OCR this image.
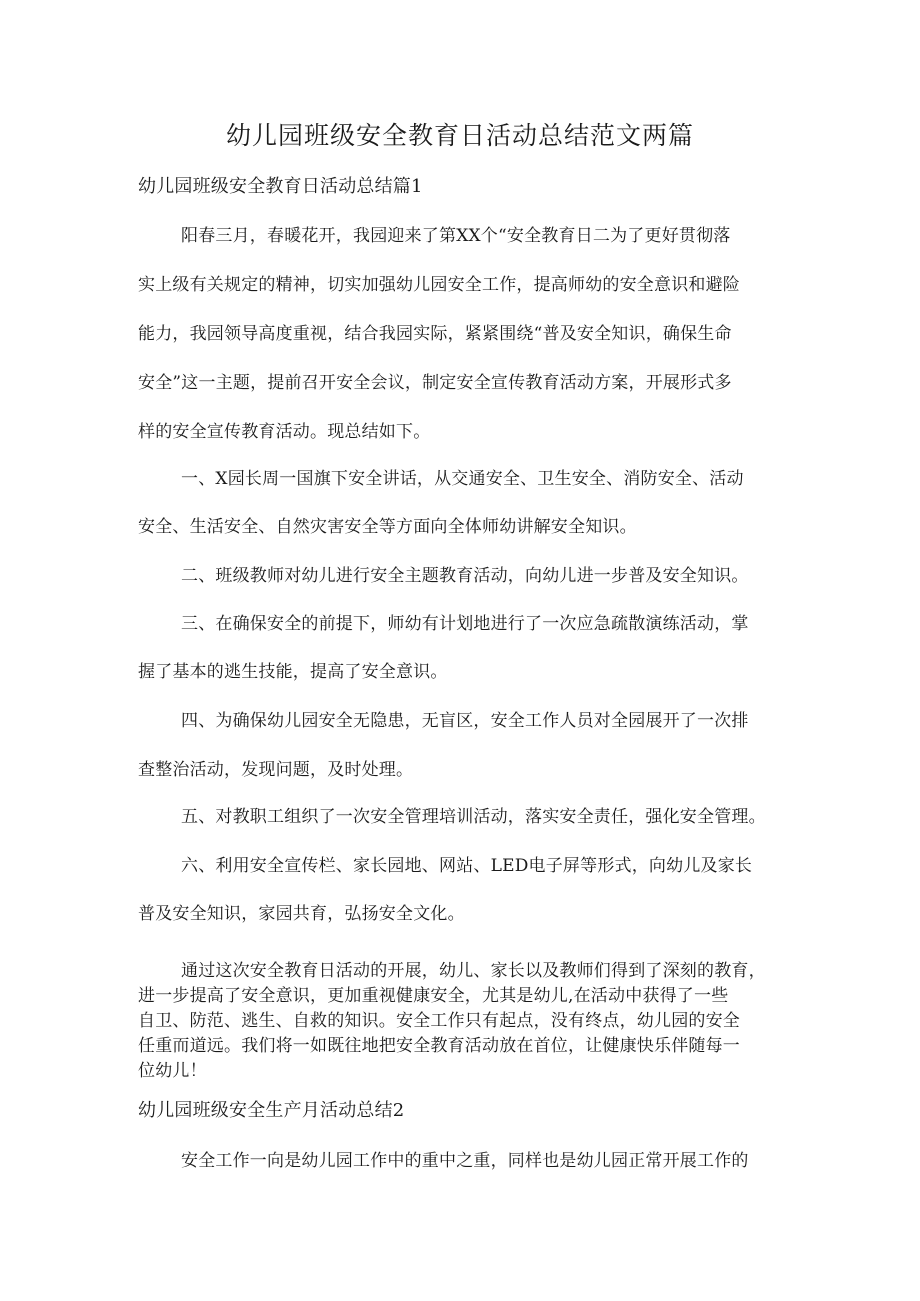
幼儿园班级安全教育日活动总结范文两篇

幼儿园班级安全教育日活动总结篇1

阳春三月，春暖花开，我园迎来了第XX个“安全教育日二为了更好贯彻落

实上级有关规定的精神，切实加强幼儿园安全工作，提高师幼的安全意识和避险

能力，我园领导高度重视，结合我园实际，紧紧围绕“普及安全知识，确保生命

安全”这一主题，提前召开安全会议，制定安全宣传教育活动方案，开展形式多

样的安全宣传教育活动。现总结如下。

一、X园长周一国旗下安全讲话，从交通安全、卫生安全、消防安全、活动

安全、生活安全、自然灾害安全等方面向全体师幼讲解安全知识。

二、班级教师对幼儿进行安全主题教育活动，向幼儿进一步普及安全知识。

三、在确保安全的前提下，师幼有计划地进行了一次应急疏散演练活动，掌

握了基本的逃生技能，提高了安全意识。

四、为确保幼儿园安全无隐患，无盲区，安全工作人员对全园展开了一次排

查整治活动，发现问题，及时处理。

五、对教职工组织了一次安全管理培训活动，落实安全责任，强化安全管理。

六、利用安全宣传栏、家长园地、网站、LED电子屏等形式，向幼儿及家长

普及安全知识，家园共育，弘扬安全文化。

通过这次安全教育日活动的开展，幼儿、家长以及教师们得到了深刻的教育，

进一步提高了安全意识，更加重视健康安全，尤其是幼儿,在活动中获得了一些

自卫、防范、逃生、自救的知识。安全工作只有起点，没有终点，幼儿园的安全

任重而道远。我们将一如既往地把安全教育活动放在首位，让健康快乐伴随每一

位幼儿！

幼儿园班级安全生产月活动总结2

安全工作一向是幼儿园工作中的重中之重，同样也是幼儿园正常开展工作的
